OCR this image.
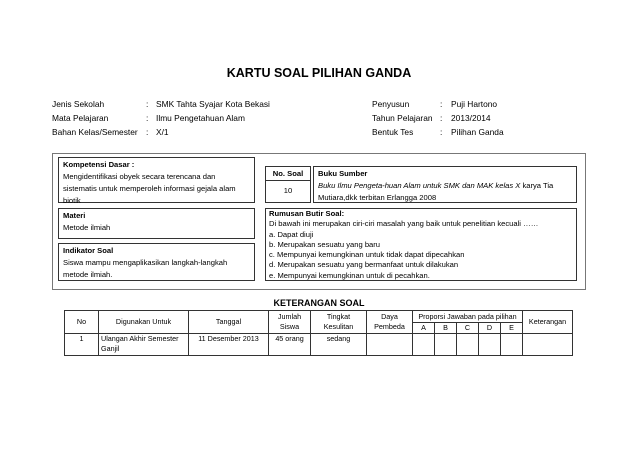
KARTU SOAL PILIHAN GANDA
Jenis Sekolah	: SMK Tahta Syajar Kota Bekasi
Mata Pelajaran	: Ilmu Pengetahuan Alam
Bahan Kelas/Semester : X/1
Penyusun	: Puji Hartono
Tahun Pelajaran : 2013/2014
Bentuk Tes	: Pilihan Ganda
Kompetensi Dasar :
Mengidentifikasi obyek secara terencana dan sistematis untuk memperoleh informasi gejala alam biotik
No. Soal
10
Buku Sumber
Buku Ilmu Pengeta-huan Alam untuk SMK dan MAK kelas X karya Tia Mutiara,dkk terbitan Erlangga 2008
Materi
Metode ilmiah
Indikator Soal
Siswa mampu mengaplikasikan langkah-langkah metode ilmiah.
Rumusan Butir Soal:
Di bawah ini merupakan ciri-ciri masalah yang baik untuk penelitian kecuali ……
a. Dapat diuji
b. Merupakan sesuatu yang baru
c. Mempunyai kemungkinan untuk tidak dapat dipecahkan
d. Merupakan sesuatu yang bermanfaat untuk dilakukan
e. Mempunyai kemungkinan untuk di pecahkan.
KETERANGAN SOAL
No	Digunakan Untuk	Tanggal	Jumlah Siswa	Tingkat Kesulitan	Daya Pembeda	Proporsi Jawaban pada pilihan					Keterangan
						A	B	C	D	E	
1	Ulangan Akhir Semester Ganjil	11 Desember 2013	45 orang	sedang							
